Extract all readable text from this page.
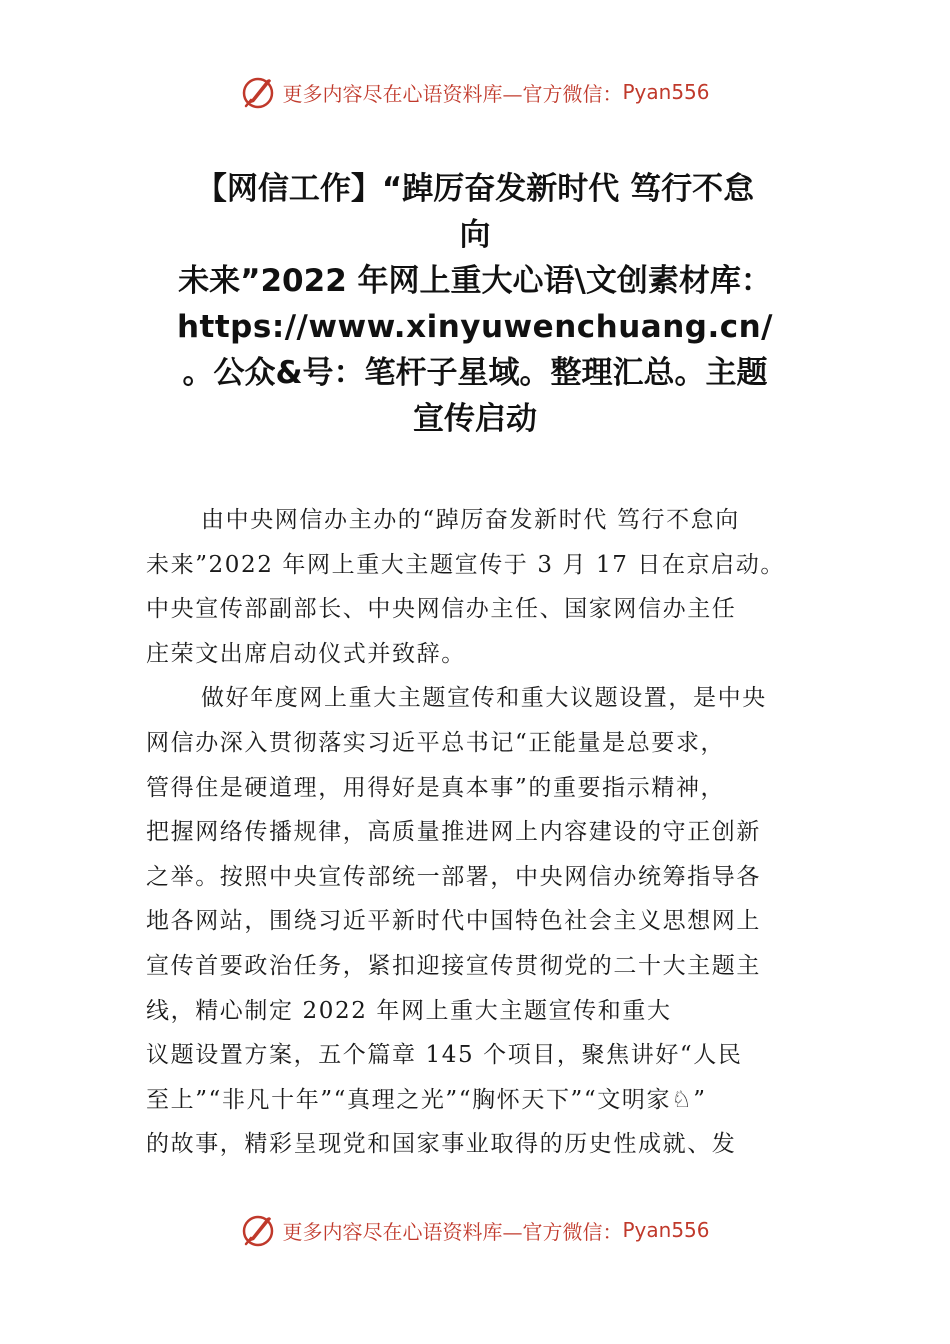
更多内容尽在心语资料库—官方微信： Pyan556
【网信工作】“踔厉奋发新时代 笃行不怠
向
未来”2022 年网上重大心语\文创素材库：
https://www.xinyuwenchuang.cn/
。公众&号：笔杆子星域。整理汇总。主题
宣传启动
由中央网信办主办的“踔厉奋发新时代 笃行不怠向
未来”2022 年网上重大主题宣传于 3 月 17 日在京启动。
中央宣传部副部长、中央网信办主任、国家网信办主任
庄荣文出席启动仪式并致辞。
做好年度网上重大主题宣传和重大议题设置，是中央
网信办深入贯彻落实习近平总书记“正能量是总要求，
管得住是硬道理，用得好是真本事”的重要指示精神，
把握网络传播规律，高质量推进网上内容建设的守正创新
之举。按照中央宣传部统一部署，中央网信办统筹指导各
地各网站，围绕习近平新时代中国特色社会主义思想网上
宣传首要政治任务，紧扣迎接宣传贯彻党的二十大主题主
线，精心制定 2022 年网上重大主题宣传和重大
议题设置方案，五个篇章 145 个项目，聚焦讲好“人民
至上”“非凡十年”“真理之光”“胸怀天下”“文明家♘”
的故事，精彩呈现党和国家事业取得的历史性成就、发
更多内容尽在心语资料库—官方微信： Pyan556
